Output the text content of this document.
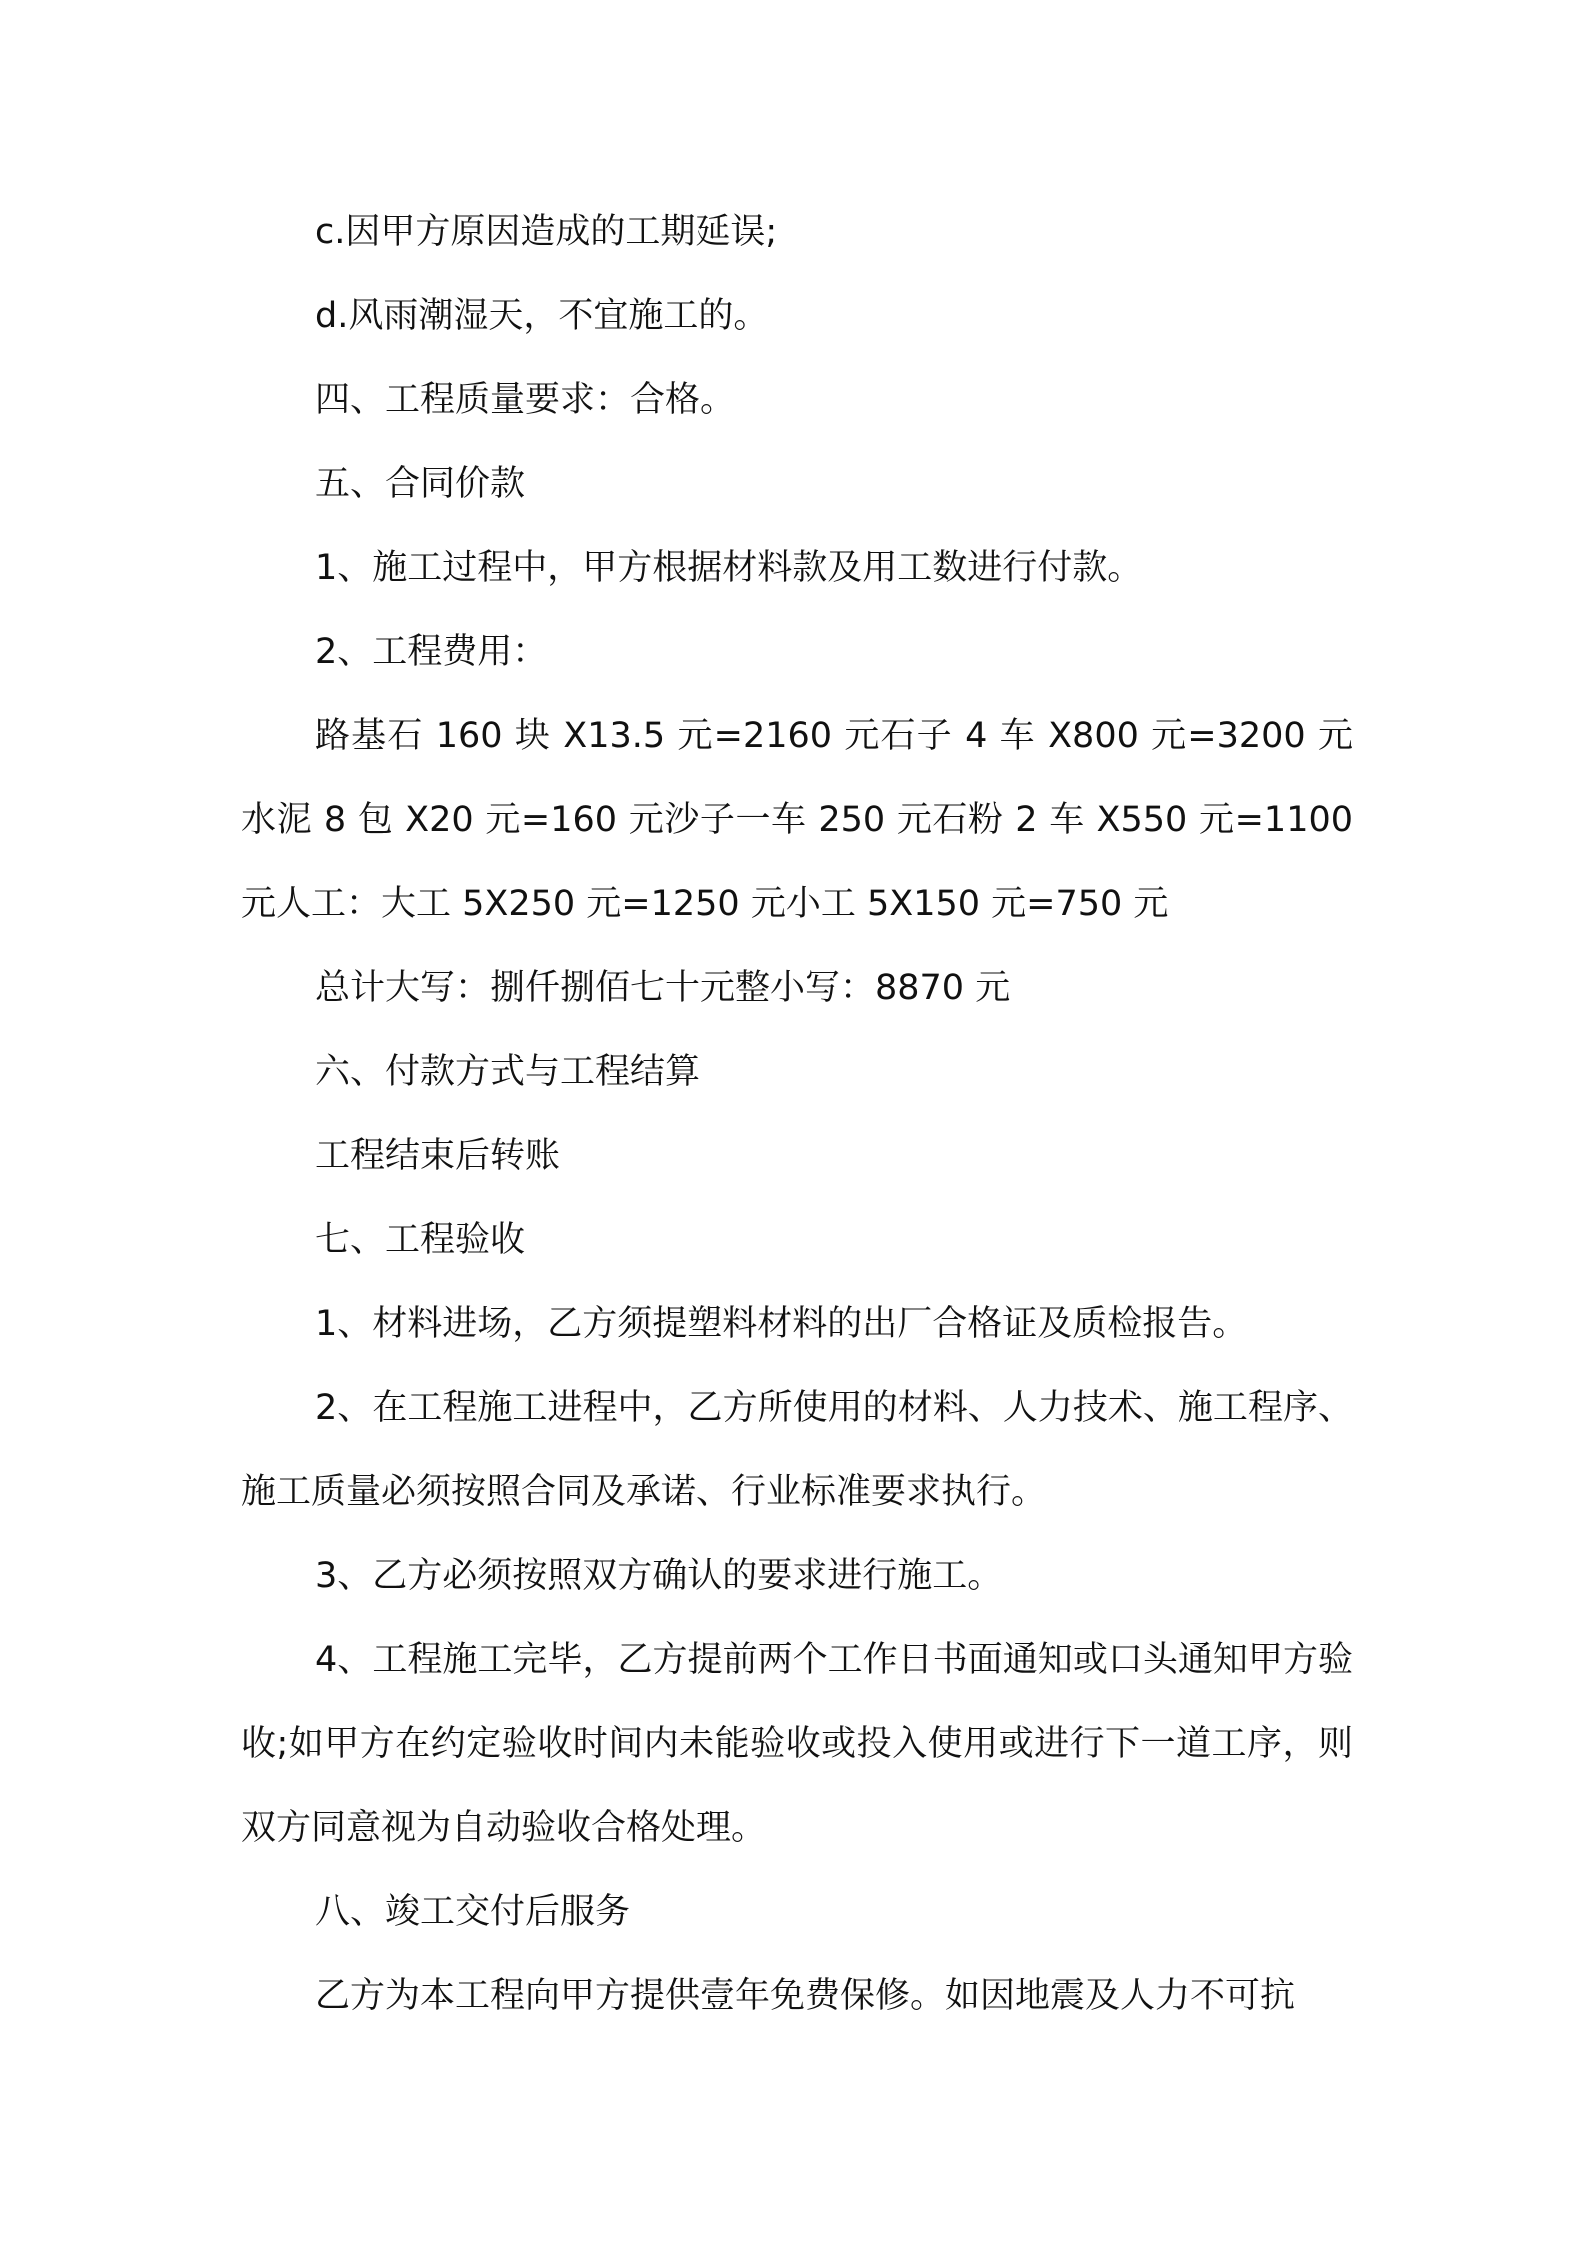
c.因甲方原因造成的工期延误;

d.风雨潮湿天，不宜施工的。

四、工程质量要求：合格。

五、合同价款

1、施工过程中，甲方根据材料款及用工数进行付款。

2、工程费用：

路基石 160 块 X13.5 元=2160 元石子 4 车 X800 元=3200 元水泥 8 包 X20 元=160 元沙子一车 250 元石粉 2 车 X550 元=1100 元人工：大工 5X250 元=1250 元小工 5X150 元=750 元

总计大写：捌仟捌佰七十元整小写：8870 元

六、付款方式与工程结算

工程结束后转账

七、工程验收

1、材料进场，乙方须提塑料材料的出厂合格证及质检报告。

2、在工程施工进程中，乙方所使用的材料、人力技术、施工程序、施工质量必须按照合同及承诺、行业标准要求执行。

3、乙方必须按照双方确认的要求进行施工。

4、工程施工完毕，乙方提前两个工作日书面通知或口头通知甲方验收;如甲方在约定验收时间内未能验收或投入使用或进行下一道工序，则双方同意视为自动验收合格处理。

八、竣工交付后服务

乙方为本工程向甲方提供壹年免费保修。如因地震及人力不可抗
